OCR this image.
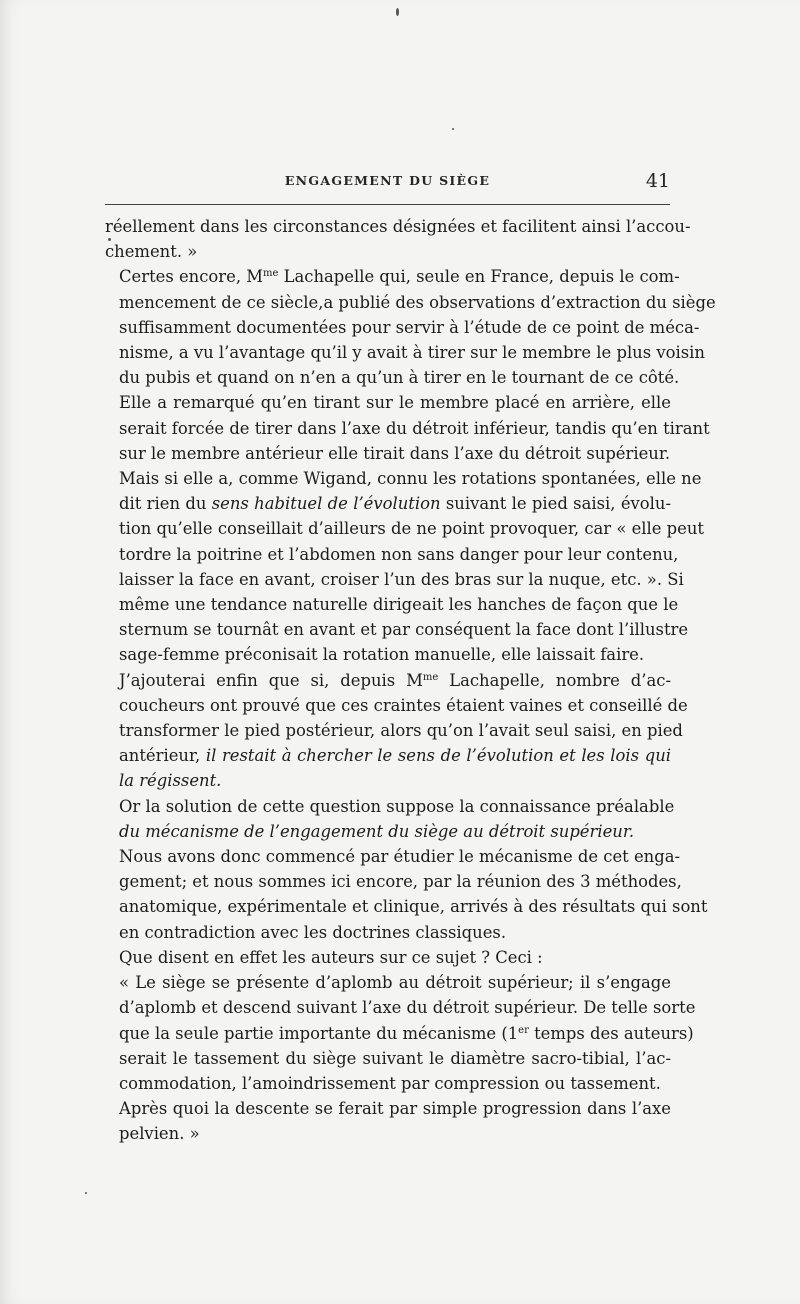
ENGAGEMENT DU SIÈGE	41

réellement dans les circonstances désignées et facilitent ainsi l’accou-
chement. »

Certes encore, $M^{me}$ Lachapelle qui, seule en France, depuis le com-
mencement de ce siècle,a publié des observations d’extraction du siège
suffisamment documentées pour servir à l’étude de ce point de méca-
nisme, a vu l’avantage qu’il y avait à tirer sur le membre le plus voisin
du pubis et quand on n’en a qu’un à tirer en le tournant de ce côté.

Elle a remarqué qu’en tirant sur le membre placé en arrière, elle
serait forcée de tirer dans l’axe du détroit inférieur, tandis qu’en tirant
sur le membre antérieur elle tirait dans l’axe du détroit supérieur.

Mais si elle a, comme Wigand, connu les rotations spontanées, elle ne
dit rien du sens habituel de l’évolution suivant le pied saisi, évolu-
tion qu’elle conseillait d’ailleurs de ne point provoquer, car « elle peut
tordre la poitrine et l’abdomen non sans danger pour leur contenu,
laisser la face en avant, croiser l’un des bras sur la nuque, etc. ». Si
même une tendance naturelle dirigeait les hanches de façon que le
sternum se tournât en avant et par conséquent la face dont l’illustre
sage-femme préconisait la rotation manuelle, elle laissait faire.

J’ajouterai enfin que si, depuis $M^{me}$ Lachapelle, nombre d’ac-
coucheurs ont prouvé que ces craintes étaient vaines et conseillé de
transformer le pied postérieur, alors qu’on l’avait seul saisi, en pied
antérieur, il restait à chercher le sens de l’évolution et les lois qui
la régissent.

Or la solution de cette question suppose la connaissance préalable
du mécanisme de l’engagement du siège au détroit supérieur.

Nous avons donc commencé par étudier le mécanisme de cet enga-
gement; et nous sommes ici encore, par la réunion des 3 méthodes,
anatomique, expérimentale et clinique, arrivés à des résultats qui sont
en contradiction avec les doctrines classiques.

Que disent en effet les auteurs sur ce sujet ? Ceci :

« Le siège se présente d’aplomb au détroit supérieur; il s’engage
d’aplomb et descend suivant l’axe du détroit supérieur. De telle sorte
que la seule partie importante du mécanisme (1er temps des auteurs)
serait le tassement du siège suivant le diamètre sacro-tibial, l’ac-
commodation, l’amoindrissement par compression ou tassement.

Après quoi la descente se ferait par simple progression dans l’axe
pelvien. »
